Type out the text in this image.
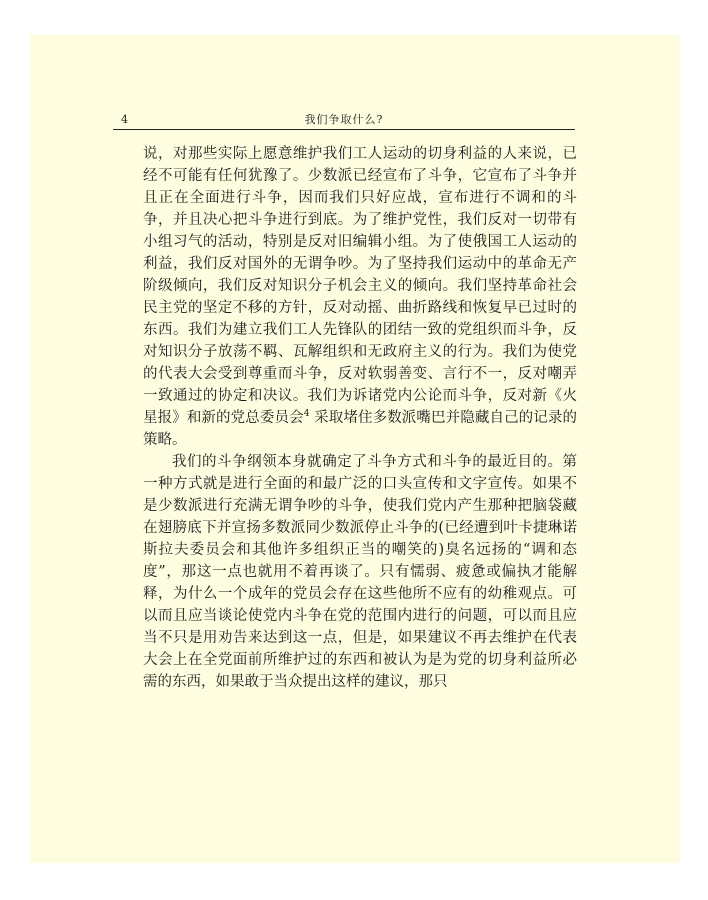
4	我们争取什么?

说，对那些实际上愿意维护我们工人运动的切身利益的人来说，已经不可能有任何犹豫了。少数派已经宣布了斗争，它宣布了斗争并且正在全面进行斗争，因而我们只好应战，宣布进行不调和的斗争，并且决心把斗争进行到底。为了维护党性，我们反对一切带有小组习气的活动，特别是反对旧编辑小组。为了使俄国工人运动的利益，我们反对国外的无谓争吵。为了坚持我们运动中的革命无产阶级倾向，我们反对知识分子机会主义的倾向。我们坚持革命社会民主党的坚定不移的方针，反对动摇、曲折路线和恢复早已过时的东西。我们为建立我们工人先锋队的团结一致的党组织而斗争，反对知识分子放荡不羁、瓦解组织和无政府主义的行为。我们为使党的代表大会受到尊重而斗争，反对软弱善变、言行不一，反对嘲弄一致通过的协定和决议。我们为诉诸党内公论而斗争，反对新《火星报》和新的党总委员会$^4$ 采取堵住多数派嘴巴并隐藏自己的记录的策略。

我们的斗争纲领本身就确定了斗争方式和斗争的最近目的。第一种方式就是进行全面的和最广泛的口头宣传和文字宣传。如果不是少数派进行充满无谓争吵的斗争，使我们党内产生那种把脑袋藏在翅膀底下并宣扬多数派同少数派停止斗争的(已经遭到叶卡捷琳诺斯拉夫委员会和其他许多组织正当的嘲笑的)臭名远扬的“调和态度”，那这一点也就用不着再谈了。只有懦弱、疲惫或偏执才能解释，为什么一个成年的党员会存在这些他所不应有的幼稚观点。可以而且应当谈论使党内斗争在党的范围内进行的问题，可以而且应当不只是用劝告来达到这一点，但是，如果建议不再去维护在代表大会上在全党面前所维护过的东西和被认为是为党的切身利益所必需的东西，如果敢于当众提出这样的建议，那只
